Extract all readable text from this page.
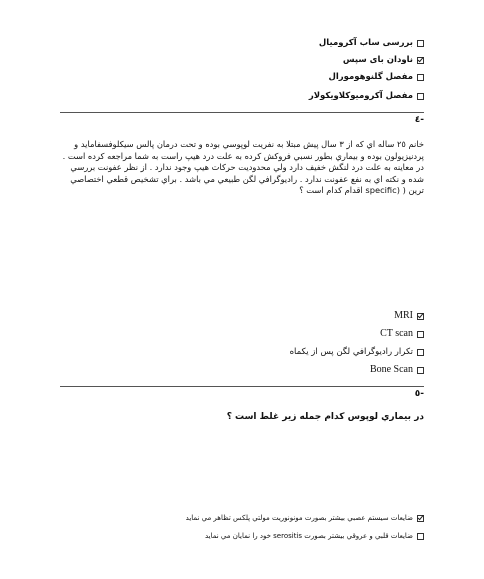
بررسی ساب آکرومیال
ناودان بای سپس
مفصل گلنوهومورال
مفصل آکرومیوکلاویکولار
-٤
خانم ٢٥ ساله اي كه از ٣ سال پيش مبتلا به نفريت لوپوسي بوده و تحت درمان پالس سيكلوفسفامايد و
پردنيزيولون بوده و بيماري بطور نسبي فروكش كرده به علت درد هيپ راست به شما مراجعه كرده است .
در معاينه به علت درد لنگش خفيف دارد ولي محدوديت حركات هيپ وجود ندارد . از نظر عفونت بررسي
شده و نكته اي به نفع عفونت ندارد . راديوگرافي لگن طبيعي مي باشد . براي تشخيص قطعي اختصاصي
ترين ( (specific اقدام كدام است ؟
MRI
CT scan
تكرار راديوگرافي لگن پس از يكماه
Bone Scan
-٥
در بيماري لوپوس كدام جمله زير غلط است ؟
ضايعات سيستم عصبي بيشتر بصورت مونونوريت مولتي پلكس تظاهر مي نمايد
ضايعات قلبي و عروقي بيشتر بصورت serositis خود را نمايان مي نمايد
